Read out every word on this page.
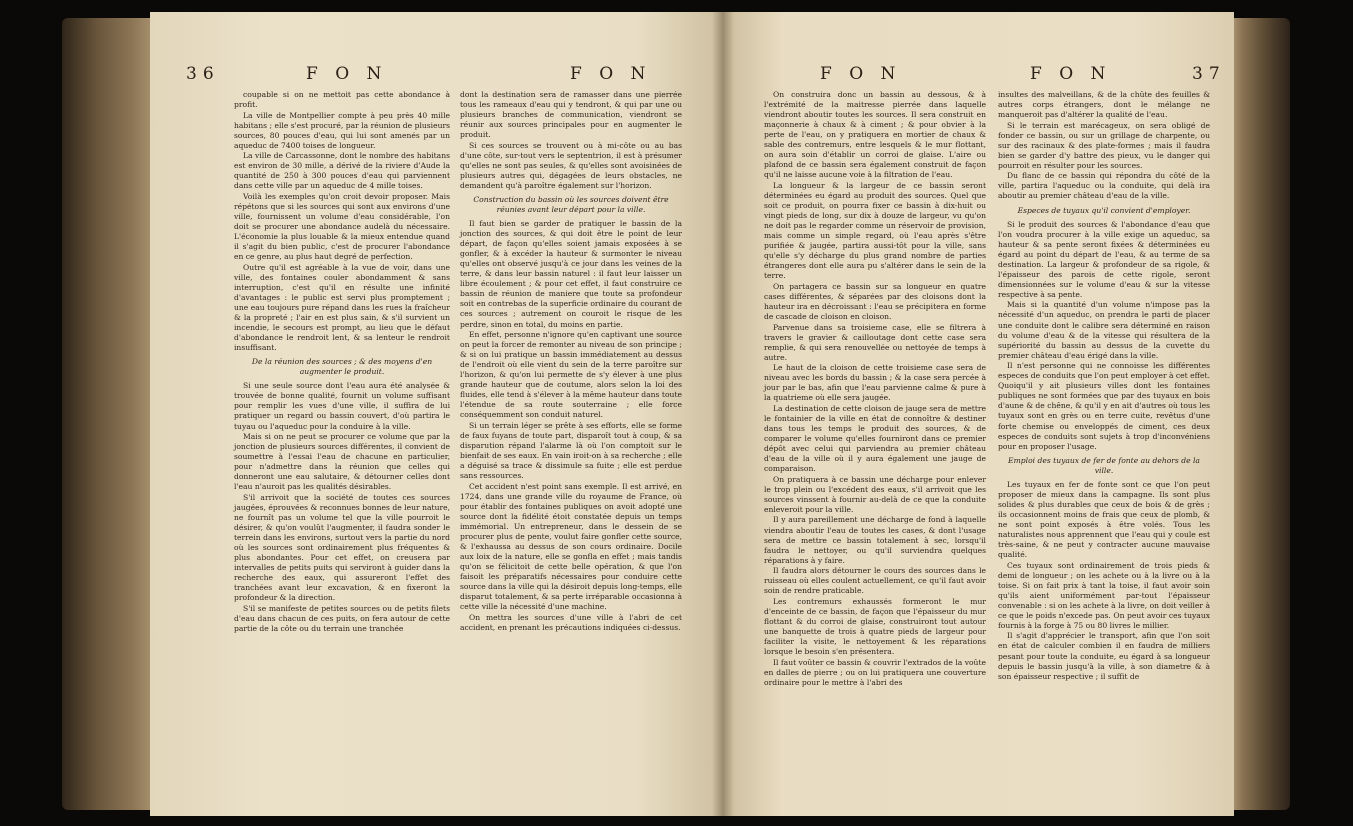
36	F O N	F O N

coupable si on ne mettoit pas cette abondance à profit.

La ville de Montpellier compte à peu près 40 mille habitans ; elle s'est procuré, par la réunion de plusieurs sources, 80 pouces d'eau, qui lui sont amenés par un aqueduc de 7400 toises de longueur.

La ville de Carcassonne, dont le nombre des habitans est environ de 30 mille, a dérivé de la riviere d'Aude la quantité de 250 à 300 pouces d'eau qui parviennent dans cette ville par un aqueduc de 4 mille toises.

Voilà les exemples qu'on croit devoir proposer. Mais répétons que si les sources qui sont aux environs d'une ville, fournissent un volume d'eau considérable, l'on doit se procurer une abondance audelà du nécessaire. L'économie la plus louable & la mieux entendue quand il s'agit du bien public, c'est de procurer l'abondance en ce genre, au plus haut degré de perfection.

Outre qu'il est agréable à la vue de voir, dans une ville, des fontaines couler abondamment & sans interruption, c'est qu'il en résulte une infinité d'avantages : le public est servi plus promptement ; une eau toujours pure répand dans les rues la fraîcheur & la propreté ; l'air en est plus sain, & s'il survient un incendie, le secours est prompt, au lieu que le défaut d'abondance le rendroit lent, & sa lenteur le rendroit insuffisant.

De la réunion des sources ; & des moyens d'en augmenter le produit.

Si une seule source dont l'eau aura été analysée & trouvée de bonne qualité, fournit un volume suffisant pour remplir les vues d'une ville, il suffira de lui pratiquer un regard ou bassin couvert, d'où partira le tuyau ou l'aqueduc pour la conduire à la ville.

Mais si on ne peut se procurer ce volume que par la jonction de plusieurs sources différentes, il convient de soumettre à l'essai l'eau de chacune en particulier, pour n'admettre dans la réunion que celles qui donneront une eau salutaire, & détourner celles dont l'eau n'auroit pas les qualités désirables.

S'il arrivoit que la société de toutes ces sources jaugées, éprouvées & reconnues bonnes de leur nature, ne fournît pas un volume tel que la ville pourroit le désirer, & qu'on voulût l'augmenter, il faudra sonder le terrein dans les environs, surtout vers la partie du nord où les sources sont ordinairement plus fréquentes & plus abondantes. Pour cet effet, on creusera par intervalles de petits puits qui serviront à guider dans la recherche des eaux, qui assureront l'effet des tranchées avant leur excavation, & en fixeront la profondeur & la direction.

S'il se manifeste de petites sources ou de petits filets d'eau dans chacun de ces puits, on fera autour de cette partie de la côte ou du terrain une tranchée

dont la destination sera de ramasser dans une pierrée tous les rameaux d'eau qui y tendront, & qui par une ou plusieurs branches de communication, viendront se réunir aux sources principales pour en augmenter le produit.

Si ces sources se trouvent ou à mi-côte ou au bas d'une côte, sur-tout vers le septentrion, il est à présumer qu'elles ne sont pas seules, & qu'elles sont avoisinées de plusieurs autres qui, dégagées de leurs obstacles, ne demandent qu'à paroître également sur l'horizon.

Construction du bassin où les sources doivent être réunies avant leur départ pour la ville.

Il faut bien se garder de pratiquer le bassin de la jonction des sources, & qui doit être le point de leur départ, de façon qu'elles soient jamais exposées à se gonfler, & à excéder la hauteur & surmonter le niveau qu'elles ont observé jusqu'à ce jour dans les veines de la terre, & dans leur bassin naturel : il faut leur laisser un libre écoulement ; & pour cet effet, il faut construire ce bassin de réunion de maniere que toute sa profondeur soit en contrebas de la superficie ordinaire du courant de ces sources ; autrement on couroit le risque de les perdre, sinon en total, du moins en partie.

En effet, personne n'ignore qu'en captivant une source on peut la forcer de remonter au niveau de son principe ; & si on lui pratique un bassin immédiatement au dessus de l'endroit où elle vient du sein de la terre paroître sur l'horizon, & qu'on lui permette de s'y élever à une plus grande hauteur que de coutume, alors selon la loi des fluides, elle tend à s'élever à la même hauteur dans toute l'étendue de sa route souterraine ; elle force conséquemment son conduit naturel.

Si un terrain léger se prête à ses efforts, elle se forme de faux fuyans de toute part, disparoît tout à coup, & sa disparution répand l'alarme là où l'on comptoit sur le bienfait de ses eaux. En vain iroit-on à sa recherche ; elle a déguisé sa trace & dissimule sa fuite ; elle est perdue sans ressources.

Cet accident n'est point sans exemple. Il est arrivé, en 1724, dans une grande ville du royaume de France, où pour établir des fontaines publiques on avoit adopté une source dont la fidélité étoit constatée depuis un temps immémorial. Un entrepreneur, dans le dessein de se procurer plus de pente, voulut faire gonfler cette source, & l'exhaussa au dessus de son cours ordinaire. Docile aux loix de la nature, elle se gonfla en effet ; mais tandis qu'on se félicitoit de cette belle opération, & que l'on faisoit les préparatifs nécessaires pour conduire cette source dans la ville qui la désiroit depuis long-temps, elle disparut totalement, & sa perte irréparable occasionna à cette ville la nécessité d'une machine.

On mettra les sources d'une ville à l'abri de cet accident, en prenant les précautions indiquées ci-dessus.

F O N	F O N	37

On construira donc un bassin au dessous, & à l'extrémité de la maitresse pierrée dans laquelle viendront aboutir toutes les sources. Il sera construit en maçonnerie à chaux & à ciment ; & pour obvier à la perte de l'eau, on y pratiquera en mortier de chaux & sable des contremurs, entre lesquels & le mur flottant, on aura soin d'établir un corroi de glaise. L'aire ou plafond de ce bassin sera également construit de façon qu'il ne laisse aucune voie à la filtration de l'eau.

La longueur & la largeur de ce bassin seront déterminées eu égard au produit des sources. Quel que soit ce produit, on pourra fixer ce bassin à dix-huit ou vingt pieds de long, sur dix à douze de largeur, vu qu'on ne doit pas le regarder comme un réservoir de provision, mais comme un simple regard, où l'eau après s'être purifiée & jaugée, partira aussi-tôt pour la ville, sans qu'elle s'y décharge du plus grand nombre de parties étrangeres dont elle aura pu s'altérer dans le sein de la terre.

On partagera ce bassin sur sa longueur en quatre cases différentes, & séparées par des cloisons dont la hauteur ira en décroissant : l'eau se précipitera en forme de cascade de cloison en cloison.

Parvenue dans sa troisieme case, elle se filtrera à travers le gravier & cailloutage dont cette case sera remplie, & qui sera renouvellée ou nettoyée de temps à autre.

Le haut de la cloison de cette troisieme case sera de niveau avec les bords du bassin ; & la case sera percée à jour par le bas, afin que l'eau parvienne calme & pure à la quatrieme où elle sera jaugée.

La destination de cette cloison de jauge sera de mettre le fontainier de la ville en état de connoître & destiner dans tous les temps le produit des sources, & de comparer le volume qu'elles fourniront dans ce premier dépôt avec celui qui parviendra au premier château d'eau de la ville où il y aura également une jauge de comparaison.

On pratiquera à ce bassin une décharge pour enlever le trop plein ou l'excédent des eaux, s'il arrivoit que les sources vinssent à fournir au-delà de ce que la conduite enleveroit pour la ville.

Il y aura pareillement une décharge de fond à laquelle viendra aboutir l'eau de toutes les cases, & dont l'usage sera de mettre ce bassin totalement à sec, lorsqu'il faudra le nettoyer, ou qu'il surviendra quelques réparations à y faire.

Il faudra alors détourner le cours des sources dans le ruisseau où elles coulent actuellement, ce qu'il faut avoir soin de rendre praticable.

Les contremurs exhaussés formeront le mur d'enceinte de ce bassin, de façon que l'épaisseur du mur flottant & du corroi de glaise, construiront tout autour une banquette de trois à quatre pieds de largeur pour faciliter la visite, le nettoyement & les réparations lorsque le besoin s'en présentera.

Il faut voûter ce bassin & couvrir l'extrados de la voûte en dalles de pierre ; ou on lui pratiquera une couverture ordinaire pour le mettre à l'abri des

insultes des malveillans, & de la chûte des feuilles & autres corps étrangers, dont le mélange ne manqueroit pas d'altérer la qualité de l'eau.

Si le terrain est marécageux, on sera obligé de fonder ce bassin, ou sur un grillage de charpente, ou sur des racinaux & des plate-formes ; mais il faudra bien se garder d'y battre des pieux, vu le danger qui pourroit en résulter pour les sources.

Du flanc de ce bassin qui répondra du côté de la ville, partira l'aqueduc ou la conduite, qui delà ira aboutir au premier château d'eau de la ville.

Especes de tuyaux qu'il convient d'employer.

Si le produit des sources & l'abondance d'eau que l'on voudra procurer à la ville exige un aqueduc, sa hauteur & sa pente seront fixées & déterminées eu égard au point du départ de l'eau, & au terme de sa destination. La largeur & profondeur de sa rigole, & l'épaisseur des parois de cette rigole, seront dimensionnées sur le volume d'eau & sur la vitesse respective à sa pente.

Mais si la quantité d'un volume n'impose pas la nécessité d'un aqueduc, on prendra le parti de placer une conduite dont le calibre sera déterminé en raison du volume d'eau & de la vitesse qui résultera de la supériorité du bassin au dessus de la cuvette du premier château d'eau érigé dans la ville.

Il n'est personne qui ne connoisse les différentes especes de conduits que l'on peut employer à cet effet. Quoiqu'il y ait plusieurs villes dont les fontaines publiques ne sont formées que par des tuyaux en bois d'aune & de chêne, & qu'il y en ait d'autres où tous les tuyaux sont en grès ou en terre cuite, revêtus d'une forte chemise ou enveloppés de ciment, ces deux especes de conduits sont sujets à trop d'inconvéniens pour en proposer l'usage.

Emploi des tuyaux de fer de fonte au dehors de la ville.

Les tuyaux en fer de fonte sont ce que l'on peut proposer de mieux dans la campagne. Ils sont plus solides & plus durables que ceux de bois & de grès ; ils occasionnent moins de frais que ceux de plomb, & ne sont point exposés à être volés. Tous les naturalistes nous apprennent que l'eau qui y coule est très-saine, & ne peut y contracter aucune mauvaise qualité.

Ces tuyaux sont ordinairement de trois pieds & demi de longueur ; on les achete ou à la livre ou à la toise. Si on fait prix à tant la toise, il faut avoir soin qu'ils aient uniformément par-tout l'épaisseur convenable : si on les achete à la livre, on doit veiller à ce que le poids n'excede pas. On peut avoir ces tuyaux fournis à la forge à 75 ou 80 livres le millier.

Il s'agit d'apprécier le transport, afin que l'on soit en état de calculer combien il en faudra de milliers pesant pour toute la conduite, eu égard à sa longueur depuis le bassin jusqu'à la ville, à son diametre & à son épaisseur respective ; il suffit de
